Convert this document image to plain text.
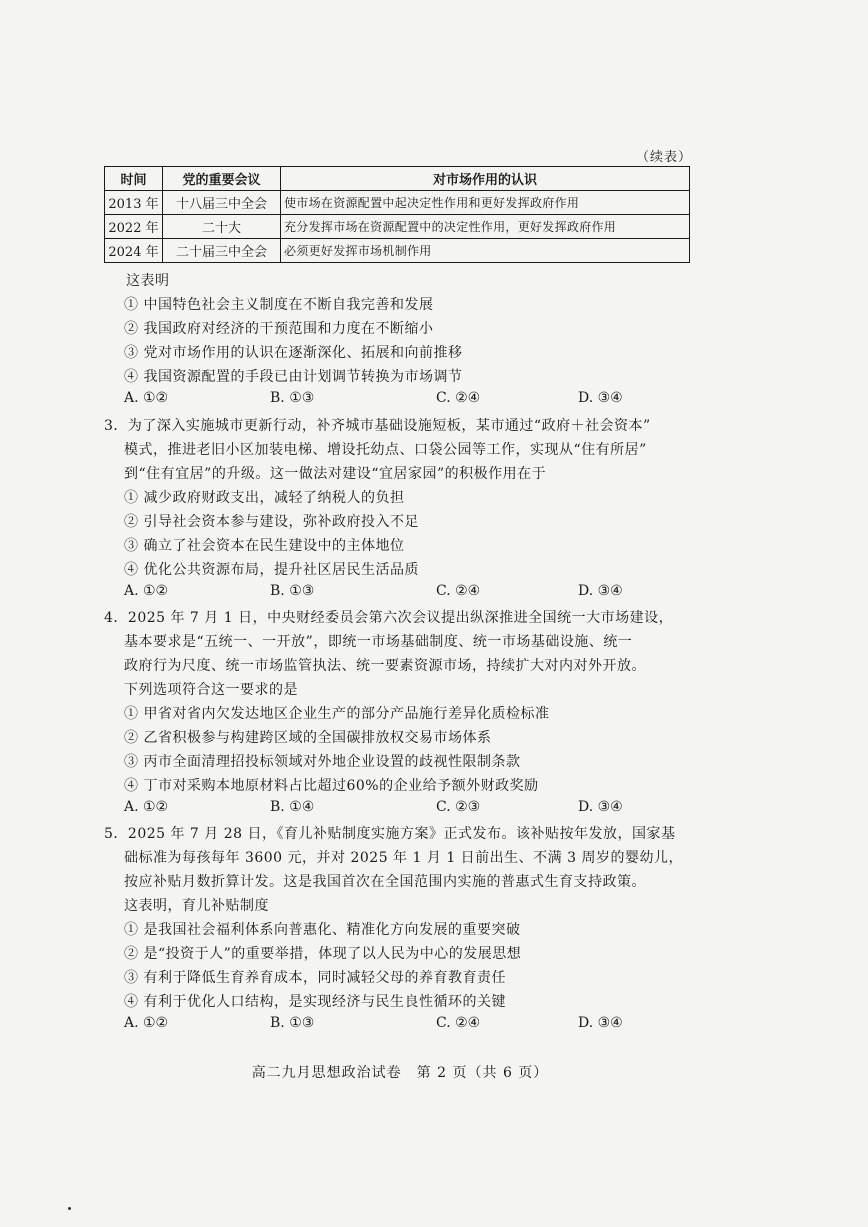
（续表）
时间	党的重要会议	对市场作用的认识
2013 年	十八届三中全会	使市场在资源配置中起决定性作用和更好发挥政府作用
2022 年	二十大	充分发挥市场在资源配置中的决定性作用，更好发挥政府作用
2024 年	二十届三中全会	必须更好发挥市场机制作用
这表明
① 中国特色社会主义制度在不断自我完善和发展
② 我国政府对经济的干预范围和力度在不断缩小
③ 党对市场作用的认识在逐渐深化、拓展和向前推移
④ 我国资源配置的手段已由计划调节转换为市场调节
A. ①②	B. ①③	C. ②④	D. ③④
3．为了深入实施城市更新行动，补齐城市基础设施短板，某市通过“政府＋社会资本”
模式，推进老旧小区加装电梯、增设托幼点、口袋公园等工作，实现从“住有所居”
到“住有宜居”的升级。这一做法对建设“宜居家园”的积极作用在于
① 减少政府财政支出，减轻了纳税人的负担
② 引导社会资本参与建设，弥补政府投入不足
③ 确立了社会资本在民生建设中的主体地位
④ 优化公共资源布局，提升社区居民生活品质
A. ①②	B. ①③	C. ②④	D. ③④
4．2025 年 7 月 1 日，中央财经委员会第六次会议提出纵深推进全国统一大市场建设，
基本要求是“五统一、一开放”，即统一市场基础制度、统一市场基础设施、统一
政府行为尺度、统一市场监管执法、统一要素资源市场，持续扩大对内对外开放。
下列选项符合这一要求的是
① 甲省对省内欠发达地区企业生产的部分产品施行差异化质检标准
② 乙省积极参与构建跨区域的全国碳排放权交易市场体系
③ 丙市全面清理招投标领域对外地企业设置的歧视性限制条款
④ 丁市对采购本地原材料占比超过60%的企业给予额外财政奖励
A. ①②	B. ①④	C. ②③	D. ③④
5．2025 年 7 月 28 日，《育儿补贴制度实施方案》正式发布。该补贴按年发放，国家基
础标准为每孩每年 3600 元，并对 2025 年 1 月 1 日前出生、不满 3 周岁的婴幼儿，
按应补贴月数折算计发。这是我国首次在全国范围内实施的普惠式生育支持政策。
这表明，育儿补贴制度
① 是我国社会福利体系向普惠化、精准化方向发展的重要突破
② 是“投资于人”的重要举措，体现了以人民为中心的发展思想
③ 有利于降低生育养育成本，同时减轻父母的养育教育责任
④ 有利于优化人口结构，是实现经济与民生良性循环的关键
A. ①②	B. ①③	C. ②④	D. ③④
高二九月思想政治试卷　第 2 页（共 6 页）
